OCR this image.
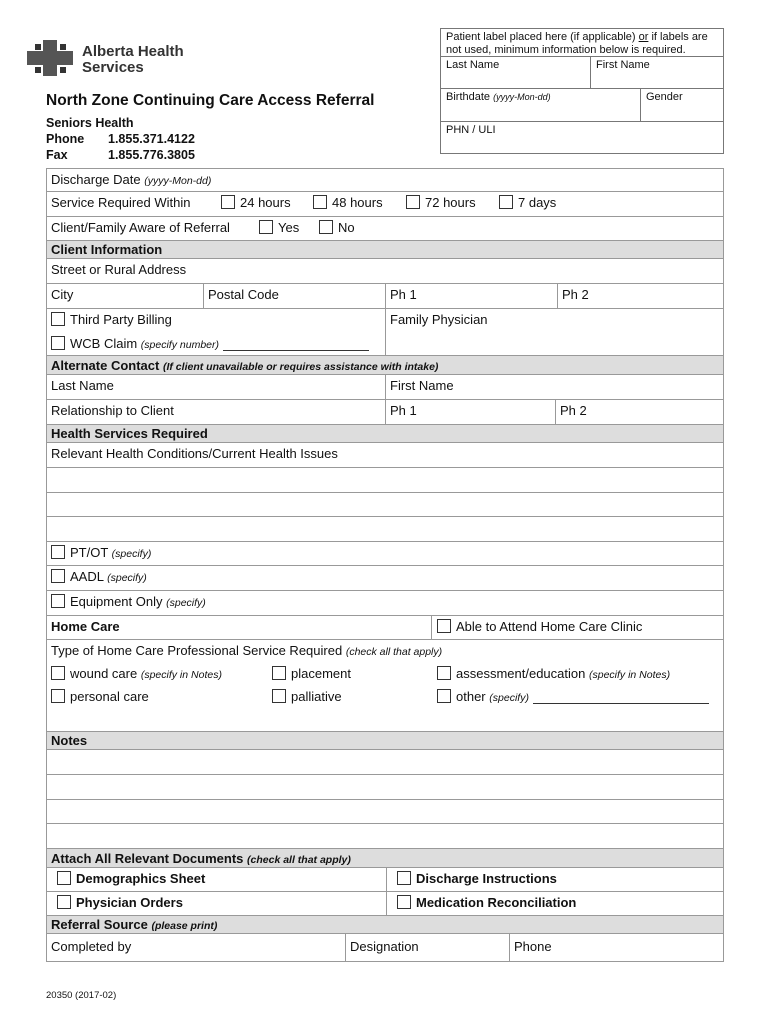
Alberta Health
Services
North Zone Continuing Care Access Referral
Seniors Health
Phone 1.855.371.4122
Fax	1.855.776.3805
Patient label placed here (if applicable) or if labels are not used, minimum information below is required.
Last Name	First Name
Birthdate (yyyy-Mon-dd)	Gender
PHN / ULI
Discharge Date (yyyy-Mon-dd)
Service Required Within	24 hours	48 hours	72 hours	7 days
Client/Family Aware of Referral	Yes	No
Client Information
Street or Rural Address
City	Postal Code	Ph 1	Ph 2
Third Party Billing
WCB Claim (specify number)
Family Physician
Alternate Contact (If client unavailable or requires assistance with intake)
Last Name	First Name
Relationship to Client	Ph 1	Ph 2
Health Services Required
Relevant Health Conditions/Current Health Issues
PT/OT (specify)
AADL (specify)
Equipment Only (specify)
Home Care	Able to Attend Home Care Clinic
Type of Home Care Professional Service Required (check all that apply)
wound care (specify in Notes)	placement	assessment/education (specify in Notes)
personal care	palliative	other (specify)
Notes
Attach All Relevant Documents (check all that apply)
Demographics Sheet	Discharge Instructions
Physician Orders	Medication Reconciliation
Referral Source (please print)
Completed by	Designation	Phone
20350 (2017-02)
